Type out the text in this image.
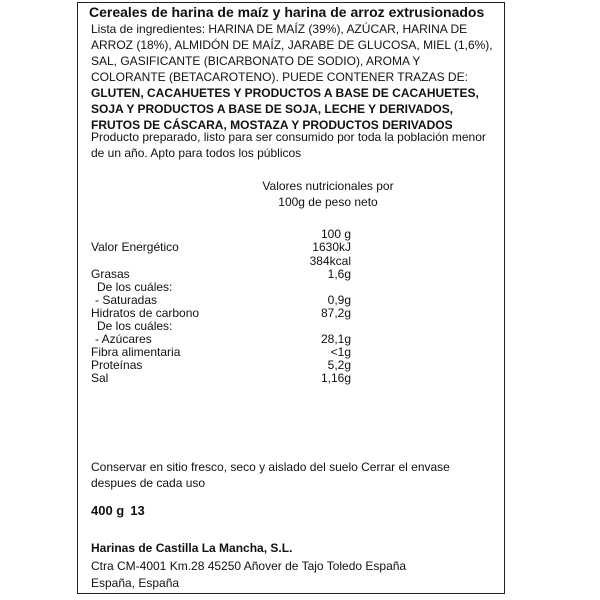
Cereales de harina de maíz y harina de arroz extrusionados
Lista de ingredientes: HARINA DE MAÍZ (39%), AZÚCAR, HARINA DE ARROZ (18%), ALMIDÓN DE MAÍZ, JARABE DE GLUCOSA, MIEL (1,6%), SAL, GASIFICANTE (BICARBONATO DE SODIO), AROMA Y COLORANTE (BETACAROTENO). PUEDE CONTENER TRAZAS DE: GLUTEN, CACAHUETES Y PRODUCTOS A BASE DE CACAHUETES, SOJA Y PRODUCTOS A BASE DE SOJA, LECHE Y DERIVADOS, FRUTOS DE CÁSCARA, MOSTAZA Y PRODUCTOS DERIVADOS
Producto preparado, listo para ser consumido por toda la población menor de un año. Apto para todos los públicos
Valores nutricionales por
100g de peso neto
100 g
Valor Energético	1630kJ
384kcal
Grasas	1,6g
De los cuáles:
- Saturadas	0,9g
Hidratos de carbono	87,2g
De los cuáles:
- Azúcares	28,1g
Fibra alimentaria	<1g
Proteínas	5,2g
Sal	1,16g
Conservar en sitio fresco, seco y aislado del suelo Cerrar el envase despues de cada uso
400 g 13
Harinas de Castilla La Mancha, S.L.
Ctra CM-4001 Km.28 45250 Añover de Tajo Toledo España
España, España
